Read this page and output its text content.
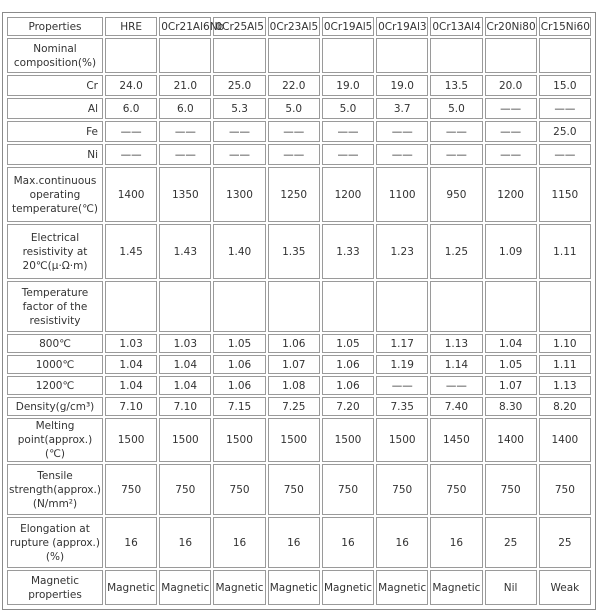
Properties	HRE	0Cr21Al6Nb	0Cr25Al5	0Cr23Al5	0Cr19Al5	0Cr19Al3	0Cr13Al4	Cr20Ni80	Cr15Ni60
Nominal composition(%)									
Cr	24.0	21.0	25.0	22.0	19.0	19.0	13.5	20.0	15.0
Al	6.0	6.0	5.3	5.0	5.0	3.7	5.0	——	——
Fe	——	——	——	——	——	——	——	——	25.0
Ni	——	——	——	——	——	——	——	——	——
Max.continuous operating temperature(℃)	1400	1350	1300	1250	1200	1100	950	1200	1150
Electrical resistivity at 20℃(μ·Ω·m)	1.45	1.43	1.40	1.35	1.33	1.23	1.25	1.09	1.11
Temperature factor of the resistivity									
800℃	1.03	1.03	1.05	1.06	1.05	1.17	1.13	1.04	1.10
1000℃	1.04	1.04	1.06	1.07	1.06	1.19	1.14	1.05	1.11
1200℃	1.04	1.04	1.06	1.08	1.06	——	——	1.07	1.13
Density(g/cm³)	7.10	7.10	7.15	7.25	7.20	7.35	7.40	8.30	8.20
Melting point(approx.)(℃)	1500	1500	1500	1500	1500	1500	1450	1400	1400
Tensile strength(approx.) (N/mm²)	750	750	750	750	750	750	750	750	750
Elongation at rupture (approx.)(%)	16	16	16	16	16	16	16	25	25
Magnetic properties	Magnetic	Magnetic	Magnetic	Magnetic	Magnetic	Magnetic	Magnetic	Nil	Weak
